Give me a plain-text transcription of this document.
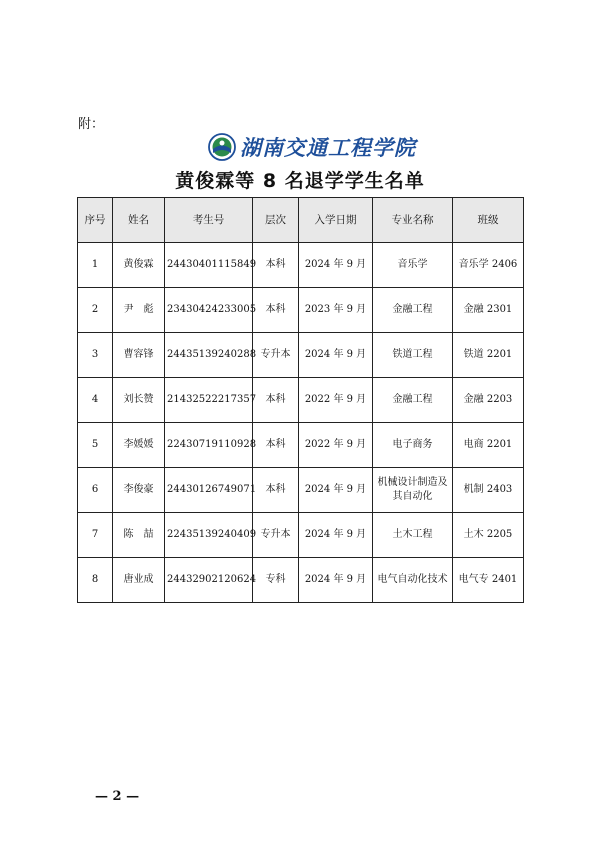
附：
湖南交通工程学院
黄俊霖等 8 名退学学生名单
序号	姓名	考生号	层次	入学日期	专业名称	班级
1	黄俊霖	24430401115849	本科	2024 年 9 月	音乐学	音乐学 2406
2	尹　彪	23430424233005	本科	2023 年 9 月	金融工程	金融 2301
3	曹容锋	24435139240288	专升本	2024 年 9 月	铁道工程	铁道 2201
4	刘长赞	21432522217357	本科	2022 年 9 月	金融工程	金融 2203
5	李媛媛	22430719110928	本科	2022 年 9 月	电子商务	电商 2201
6	李俊豪	24430126749071	本科	2024 年 9 月	机械设计制造及其自动化	机制 2403
7	陈　喆	22435139240409	专升本	2024 年 9 月	土木工程	土木 2205
8	唐业成	24432902120624	专科	2024 年 9 月	电气自动化技术	电气专 2401
— 2 —
